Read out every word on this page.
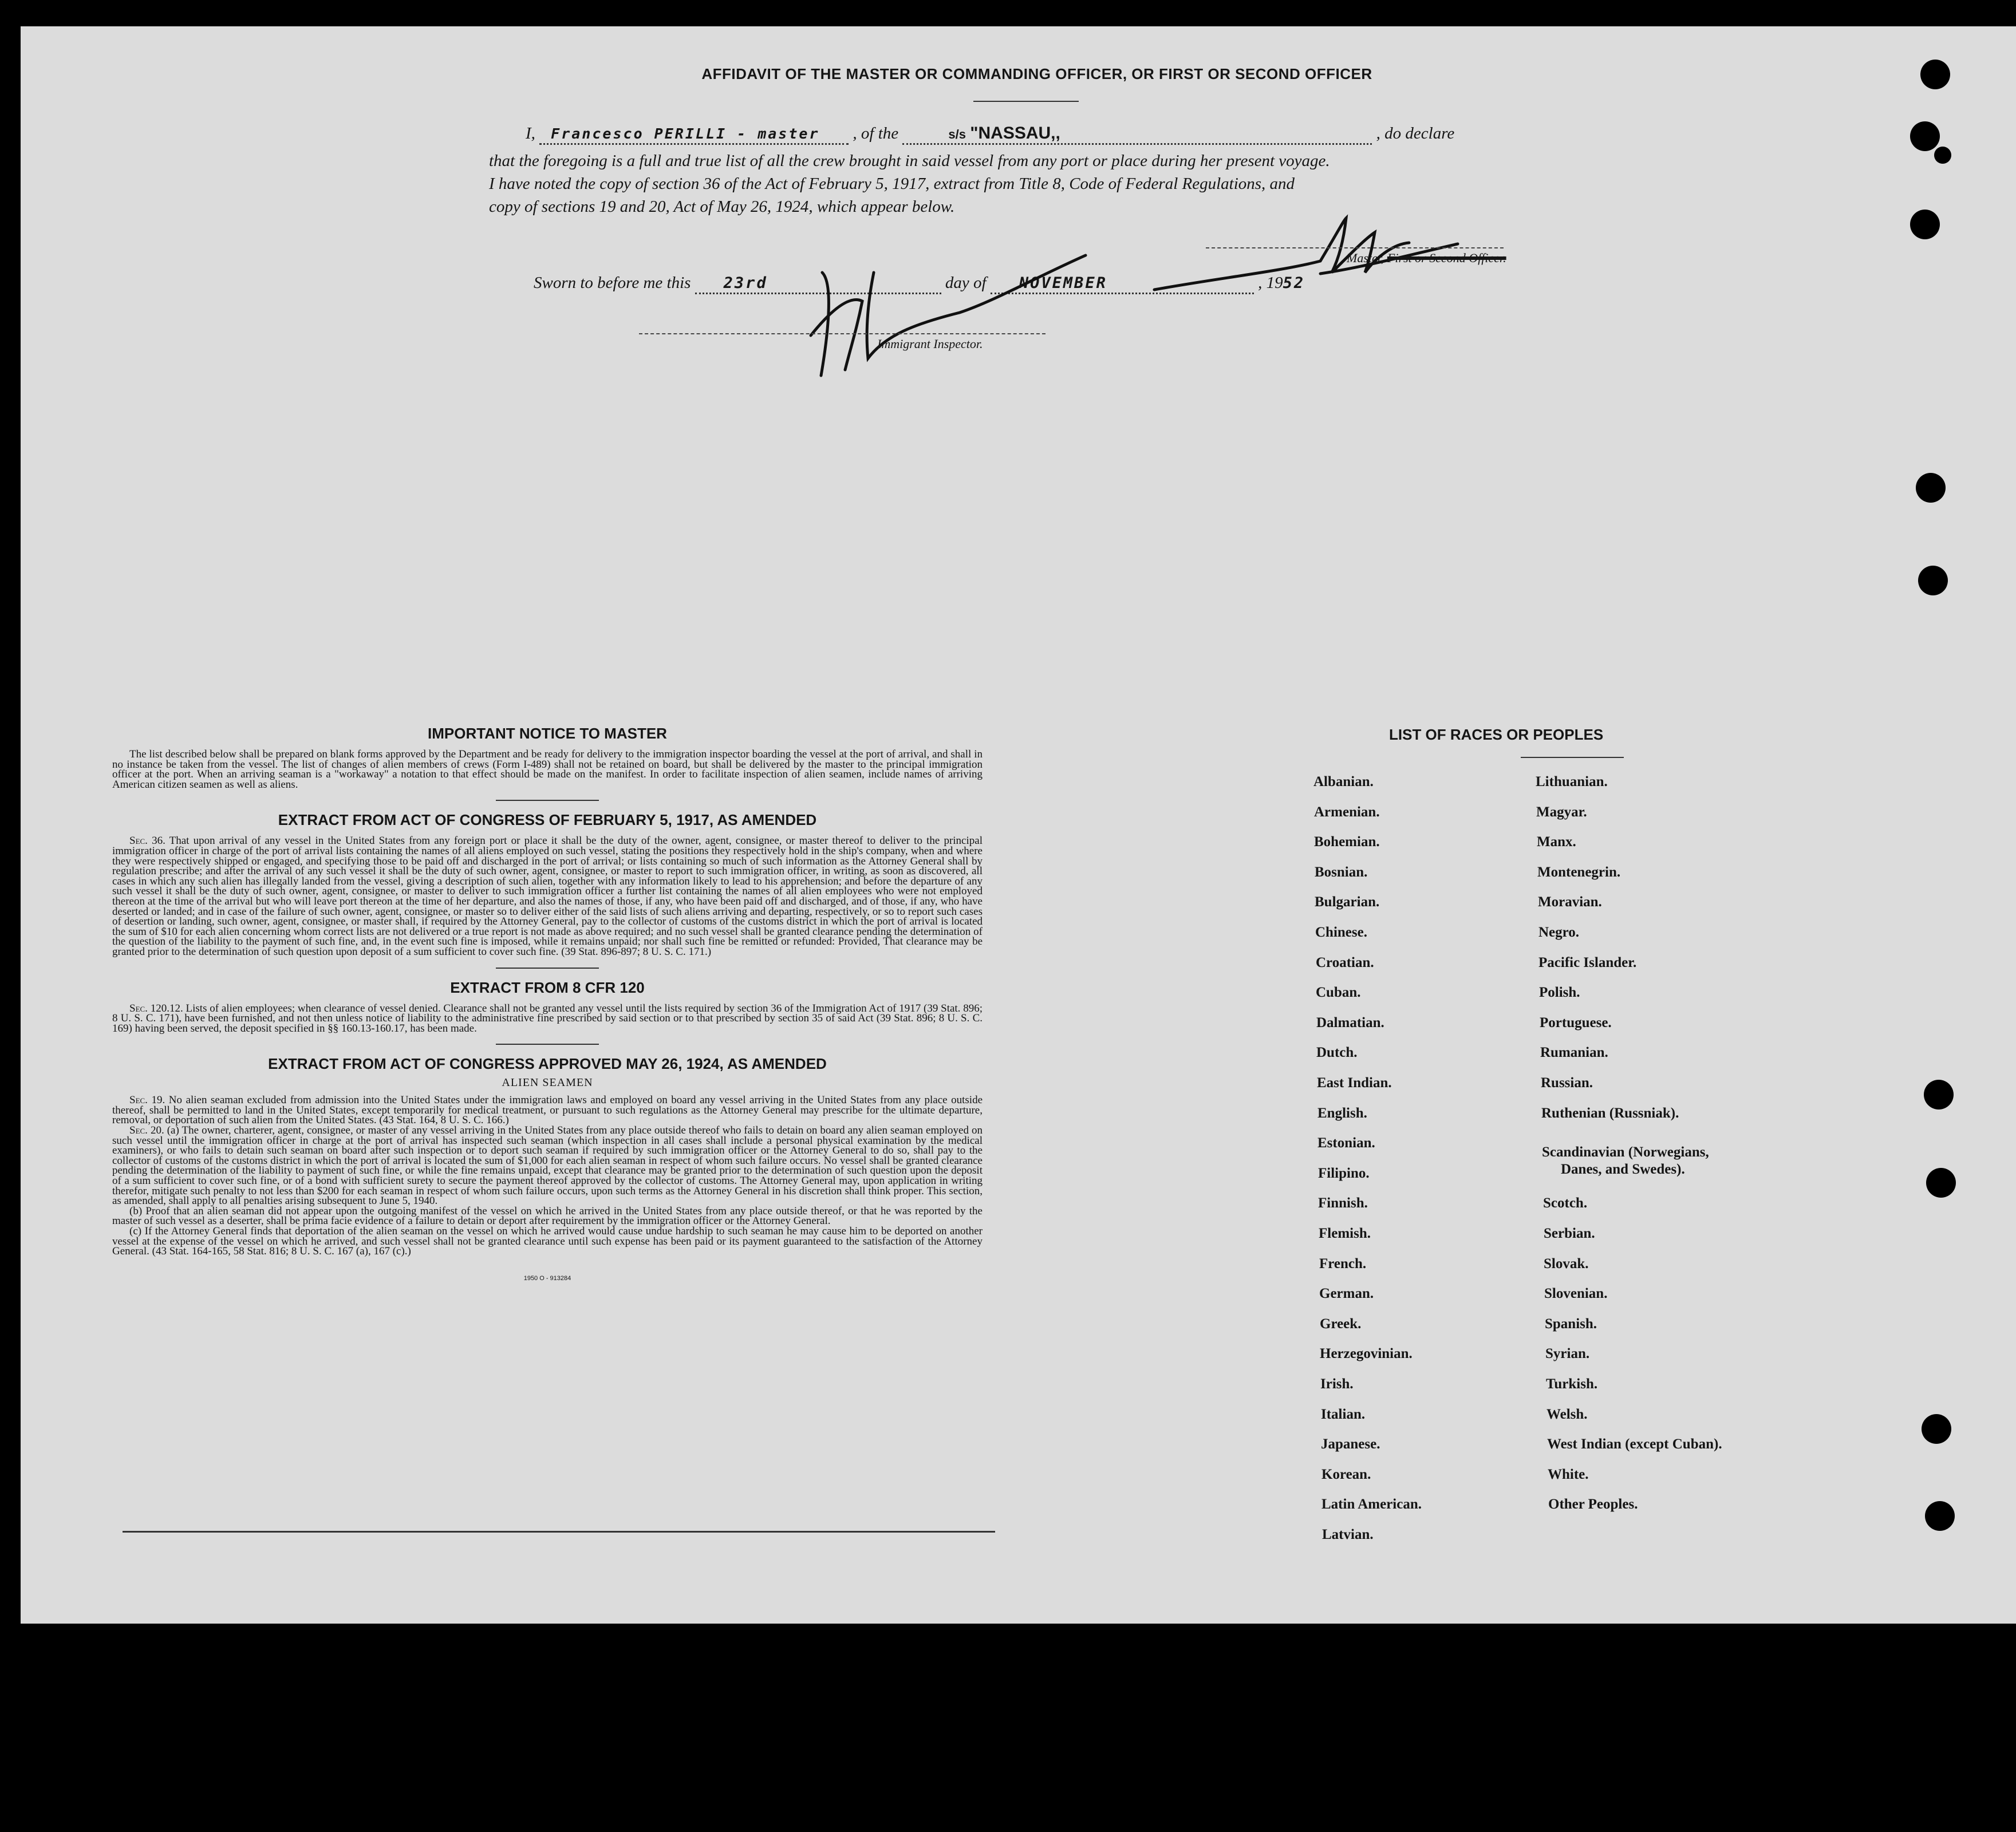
AFFIDAVIT OF THE MASTER OR COMMANDING OFFICER, OR FIRST OR SECOND OFFICER
I, Francesco PERILLI - master , of the	s/s "NASSAU,,	, do declare
that the foregoing is a full and true list of all the crew brought in said vessel from any port or place during her present voyage.
I have noted the copy of section 36 of the Act of February 5, 1917, extract from Title 8, Code of Federal Regulations, and
copy of sections 19 and 20, Act of May 26, 1924, which appear below.
Master, First or Second Officer.
Sworn to before me this 23rd	day of NOVEMBER	, 1952
Immigrant Inspector.
IMPORTANT NOTICE TO MASTER
The list described below shall be prepared on blank forms approved by the Department and be ready for delivery to the immigration inspector boarding the vessel at the port of arrival, and shall in no instance be taken from the vessel. The list of changes of alien members of crews (Form I-489) shall not be retained on board, but shall be delivered by the master to the principal immigration officer at the port. When an arriving seaman is a "workaway" a notation to that effect should be made on the manifest. In order to facilitate inspection of alien seamen, include names of arriving American citizen seamen as well as aliens.
EXTRACT FROM ACT OF CONGRESS OF FEBRUARY 5, 1917, AS AMENDED
Sec. 36. That upon arrival of any vessel in the United States from any foreign port or place it shall be the duty of the owner, agent, consignee, or master thereof to deliver to the principal immigration officer in charge of the port of arrival lists containing the names of all aliens employed on such vessel, stating the positions they respectively hold in the ship's company, when and where they were respectively shipped or engaged, and specifying those to be paid off and discharged in the port of arrival; or lists containing so much of such information as the Attorney General shall by regulation prescribe; and after the arrival of any such vessel it shall be the duty of such owner, agent, consignee, or master to report to such immigration officer, in writing, as soon as discovered, all cases in which any such alien has illegally landed from the vessel, giving a description of such alien, together with any information likely to lead to his apprehension; and before the departure of any such vessel it shall be the duty of such owner, agent, consignee, or master to deliver to such immigration officer a further list containing the names of all alien employees who were not employed thereon at the time of the arrival but who will leave port thereon at the time of her departure, and also the names of those, if any, who have been paid off and discharged, and of those, if any, who have deserted or landed; and in case of the failure of such owner, agent, consignee, or master so to deliver either of the said lists of such aliens arriving and departing, respectively, or so to report such cases of desertion or landing, such owner, agent, consignee, or master shall, if required by the Attorney General, pay to the collector of customs of the customs district in which the port of arrival is located the sum of $10 for each alien concerning whom correct lists are not delivered or a true report is not made as above required; and no such vessel shall be granted clearance pending the determination of the question of the liability to the payment of such fine, and, in the event such fine is imposed, while it remains unpaid; nor shall such fine be remitted or refunded: Provided, That clearance may be granted prior to the determination of such question upon deposit of a sum sufficient to cover such fine. (39 Stat. 896-897; 8 U. S. C. 171.)
EXTRACT FROM 8 CFR 120
Sec. 120.12. Lists of alien employees; when clearance of vessel denied. Clearance shall not be granted any vessel until the lists required by section 36 of the Immigration Act of 1917 (39 Stat. 896; 8 U. S. C. 171), have been furnished, and not then unless notice of liability to the administrative fine prescribed by said section or to that prescribed by section 35 of said Act (39 Stat. 896; 8 U. S. C. 169) having been served, the deposit specified in §§ 160.13-160.17, has been made.
EXTRACT FROM ACT OF CONGRESS APPROVED MAY 26, 1924, AS AMENDED
ALIEN SEAMEN
Sec. 19. No alien seaman excluded from admission into the United States under the immigration laws and employed on board any vessel arriving in the United States from any place outside thereof, shall be permitted to land in the United States, except temporarily for medical treatment, or pursuant to such regulations as the Attorney General may prescribe for the ultimate departure, removal, or deportation of such alien from the United States. (43 Stat. 164, 8 U. S. C. 166.)
Sec. 20. (a) The owner, charterer, agent, consignee, or master of any vessel arriving in the United States from any place outside thereof who fails to detain on board any alien seaman employed on such vessel until the immigration officer in charge at the port of arrival has inspected such seaman (which inspection in all cases shall include a personal physical examination by the medical examiners), or who fails to detain such seaman on board after such inspection or to deport such seaman if required by such immigration officer or the Attorney General to do so, shall pay to the collector of customs of the customs district in which the port of arrival is located the sum of $1,000 for each alien seaman in respect of whom such failure occurs. No vessel shall be granted clearance pending the determination of the liability to payment of such fine, or while the fine remains unpaid, except that clearance may be granted prior to the determination of such question upon the deposit of a sum sufficient to cover such fine, or of a bond with sufficient surety to secure the payment thereof approved by the collector of customs. The Attorney General may, upon application in writing therefor, mitigate such penalty to not less than $200 for each seaman in respect of whom such failure occurs, upon such terms as the Attorney General in his discretion shall think proper. This section, as amended, shall apply to all penalties arising subsequent to June 5, 1940.
(b) Proof that an alien seaman did not appear upon the outgoing manifest of the vessel on which he arrived in the United States from any place outside thereof, or that he was reported by the master of such vessel as a deserter, shall be prima facie evidence of a failure to detain or deport after requirement by the immigration officer or the Attorney General.
(c) If the Attorney General finds that deportation of the alien seaman on the vessel on which he arrived would cause undue hardship to such seaman he may cause him to be deported on another vessel at the expense of the vessel on which he arrived, and such vessel shall not be granted clearance until such expense has been paid or its payment guaranteed to the satisfaction of the Attorney General. (43 Stat. 164-165, 58 Stat. 816; 8 U. S. C. 167 (a), 167 (c).)
1950 O - 913284
LIST OF RACES OR PEOPLES
Albanian.
Armenian.
Bohemian.
Bosnian.
Bulgarian.
Chinese.
Croatian.
Cuban.
Dalmatian.
Dutch.
East Indian.
English.
Estonian.
Filipino.
Finnish.
Flemish.
French.
German.
Greek.
Herzegovinian.
Irish.
Italian.
Japanese.
Korean.
Latin American.
Latvian.
Lithuanian.
Magyar.
Manx.
Montenegrin.
Moravian.
Negro.
Pacific Islander.
Polish.
Portuguese.
Rumanian.
Russian.
Ruthenian (Russniak).
Scandinavian (Norwegians,
Danes, and Swedes).
Scotch.
Serbian.
Slovak.
Slovenian.
Spanish.
Syrian.
Turkish.
Welsh.
West Indian (except Cuban).
White.
Other Peoples.
